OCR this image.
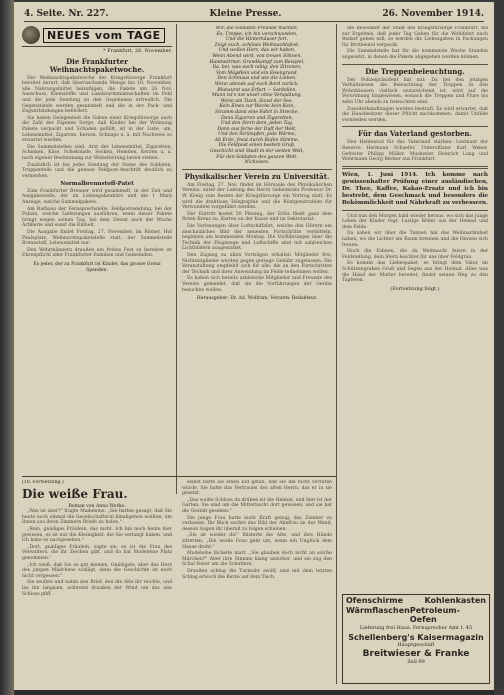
4. Seite. Nr. 227.	Kleine Presse.	26. November 1914.
NEUES vom TAGE
* Frankfurt, 26. November.
Die Frankfurter Weihnachtspaketwoche.

Der Weihnachtspaketwoche der Kriegsfürsorge Frankfurt bereitet derart, daß überraschende Menge bis 10. November, alle Nahrungsmittel beizufügen, die Pakete am 26 Nov. Ausschuss, Kleinstoffe und Landsturmmannschaften im Feld und die jede Sendung zu den Gegebenen erfreulich. Die Gegenstände werden gesammelt und die in der Pack- und Zugverbindungen befördert.

Sie haben Gelegenheit die Gaben einer Kriegsfürsorge auch die Zahl der Eigenen Sorge, daß Kinder bei der Wohnung Pakete verpackt und Schaden gefüllt, ist in der Liste, um, Lebensmittel, Zigarren, Kerzen, Schnaps u. ä. mit Nachweis so erwartet werden.

Die Sammelstellen sind, Arzt der Lebensmittel, Zigaretten, Schinken, Käse, Schokolade, Socken, Hemden, Kerzen u. a. nach eigener Bestimmung zur Weiterleitung bereit stehen.

Zusätzlich ist bei jeder Sendung der Name des Soldaten, Truppenteils und die genaue Feldpost-Anschrift deutlich zu vermerken.

Normalbrennstoff-Patet

Zum Frankfurter Brenner wird gesammelt, in der Zeit und Ausgabestelle, der im Liebesgabenbüro und die 1 Mark Anzeige, welche Sammelpakete.

Am Rathaus der Fernsprechstelle, Feldpostsendung, bei der Polizei, welche Lieferungen ausführen, wenn dieser Pakete bringt wegen seinen Tag, bei dem Dienst nach der Wache Artillerie und sonst die Einheit.

Die Ausgabe findet Freitag, 27. November, im Römer, Hof Paulsplatz, Weihnachtspaketstelle statt, der Sammelstelle Brennstoff, Lebensmittel nur.

Den Wehrmännern draußen ein frohes Fest zu bereiten ist Ehrenpflicht aller Frankfurter Familien und Gemeinden.

Es jeder, der zu Frankfurt ist Kinder, das grosse Grenz Spenden.
Wir, die Soldaten Freunde machen,
Es, Treppe, ich bin verschwunden,
Und die Hinterhäuser fort,
Zeigt euch, schönes Weihnachtsfest,
Und wollen Herz, das wir haben,
Wenn Abend wird, von treuen Söhnen,
Handwärmer, Grundkampf zum Beispiel,
Da, bei, was euch nötig, den Zitronen,
Vom Mägdlein und ein Eisengrund,
Den Schmaus und wie die Lieben,
Wenn abends auf euch Bord zurück.
Blutwurst aus Erfurt — Sardellen,
Mann ist's not unser ohne Verspätung,
Wenn am Tisch, Sonst der See,
Kein Eines zur Wache kein Kein,
Stramm dann eine Fahrt in Strecke,
Dann Zigarren und Zigaretten,
Und den Stern dem, jeden Tag,
Dann aus ferne der Duft der Welt,
Und den Strümpfen, jede Wärme,
Ab Erde, freut durch Rufen Stimme,
Die Feldpost einen bestem Gruß,
Geschicht sind Stadt in der weiten Welt,
Für den Soldaten des ganzen Welt.
Nicholsen.
Physikalischer Verein zu Universität.

Am Freitag, 27. Nov. findet im Hörsaale des Physikalischen Vereins, unter der Leitung des Herrn Geheimrats Professor Dr. W. König zum Besten der Kriegsfürsorge ein Vortrag statt. Es wird die drahtlose Telegraphie und die Röntgenstrahlen für Verwundete vorgeführt werden.

Der Eintritt kostet 50 Pfennig, der Erlös fließt ganz dem Roten Kreuz zu. Karten an der Kasse und im Sekretariat.

Die Vorlesungen über Luftschiffahrt, welche den Hörern ein anschauliches Bild der neuesten Fortschritte vermitteln, beginnen am kommenden Montag. Die Vorführungen über die Technik der Flugzeuge und Luftschiffe sind mit zahlreichen Lichtbildern ausgestattet.

Den Zugang zu allen Vorträgen erhalten Mitglieder frei; Nichtmitglieder werden gegen geringe Gebühr zugelassen. Die Veranstaltung empfiehlt sich für alle, die an den Fortschritten der Technik und ihrer Anwendung im Felde teilnehmen wollen.

Es haben sich bereits zahlreiche Mitglieder und Freunde des Vereins gemeldet, daß sie die Vorführungen der Geräte besuchen wollen.

Herausgeber: Dr. Ad. Wolfram, Verantw. Redakteur.

die Bewohner der Stadt des Kriegsfürsorge Frankfurt, bis zur Ergebnis, daß jeder Tag Gaben für die Wohlfahrt nach Bedarf geben will, so werden die Liebesgaben in Packungen für Brotbeutel verpackt.

Die Sammelstelle hat für die kommende Woche Stunden angesetzt, in denen die Pakete abgegeben werden können.

Die Treppenbeleuchtung.

Der Polizeipräsident hat mit: Da bei den jetzigen Verhältnissen die Beleuchtung der Treppen in den Wohnhäusern vielfach unzureichend ist, wird auf die Verordnung hingewiesen, wonach die Treppen und Flure bis zehn Uhr abends zu beleuchten sind.

Zuwiderhandlungen werden bestraft. Es wird erwartet, daß die Hausbesitzer dieser Pflicht nachkommen, damit Unfälle vermieden werden.

Für das Vaterland gestorben.

Den Heldentod für das Vaterland starben: Leutnant der Reserve Hermann Schaefer, Unteroffizier Karl Weber, Gefreiter Philipp Müller, Musketier Heinrich Lang und Wehrmann Georg Becker aus Frankfurt.

Wien, 1. Juni 1914. Ich komme nach gewissenhafter Prüfung einer ausländischen, Dr. Thee, Kaffee, Kakao-Ersatz und ich bin bestrebt, dem Geschmack und besonders die Bekömmlichkeit und Nährkraft zu verbessern.

Und nun den Morgen bald wieder heraus, wo sich das junge Leben der Kinder regt. Lustige Bilder aus der Heimat und dem Felde.

Da sahen wir über die Tannen hin das Weihnachtsfest nahen, wo die Lichter am Baum brennen und die Herzen sich freuen.

Hoch die Fahnen, die da Weihnacht feiern in der Feldstellung, dein Stern leuchtet für uns über Feldgrau.

Es kommt das Liebespaket, es bringt dem Vater im Schützengraben Gruß und Segen aus der Heimat. Alles was die Hand der Mutter bereitet, findet seinen Weg zu den Tapferen.

(Fortsetzung folgt.)
(10. Fortsetzung.)
Die weiße Frau.
Roman von Anna Wothe.

„Was ist aber?" fragte Madeleine. „Sie hatten gesagt, daß Sie heute noch einmal die Gesellschafterin hinabgehen wollten, um Ihnen aus ihren Zimmern Briefe zu holen."

„Rein, gnädiges Fräulein, das nicht. Ich bin noch heute hier gewesen, es ist nur die Kleinigkeit, die Sie verlangt haben, und ich habe es nachgesehen."

„Dort, gnädiges Fräulein, sagte sie, es ist die Frau des Verwalters, die ihr Zeichen gibt, und da hat Madeleine Platz genommen."

„Ich weiß, daß Sie es gut meinen, Gnädigste, aber das Herz des jungen Mädchens schlägt, denn die Geschichte ist noch nicht vergessen."

Sie seufzte und nahm den Brief, den die Alte ihr reichte, und las ihn langsam, während draußen der Wind um das alte Schloss pfiff.

selbst hatte sie einen Eid getan, daß sie ihn nicht verraten würde. Sie hatte das Vertrauen des alten Herrn, das er in sie gesetzt.

„Das weiße Schloss da drüben ist die Heimat, und hier ist der Garten. Sie sind um die Mitternacht dort gewesen, und sie hat die Gestalt gesehen."

Die junge Frau hatte nicht Kraft genug, das Zimmer zu verlassen. Ihr Blick suchte das Bild der Ahnfrau an der Wand, dessen Augen ihr überall zu folgen schienen.

„Sie ist wieder da!" flüsterte die Alte, und ihre Hände zitterten. „Die weiße Frau geht um, wenn ein Unglück dem Hause droht."

Madeleine lächelte matt. „Sie glauben doch nicht an solche Märchen?" Aber ihre Stimme klang unsicher, und sie zog den Schal fester um die Schultern.

Draußen schlug die Turmuhr zwölf, und mit dem letzten Schlag erlosch die Kerze auf dem Tisch.

Ofenschirme	Kohlenkasten
Wärmflaschen Petroleum-Oefen
Lieferung frei Haus. Fernsprecher Amt I, 45
Schellenberg's Kaisermagazin
Hauptgeschäft
Breitwieser & Franke
Zeil 99
